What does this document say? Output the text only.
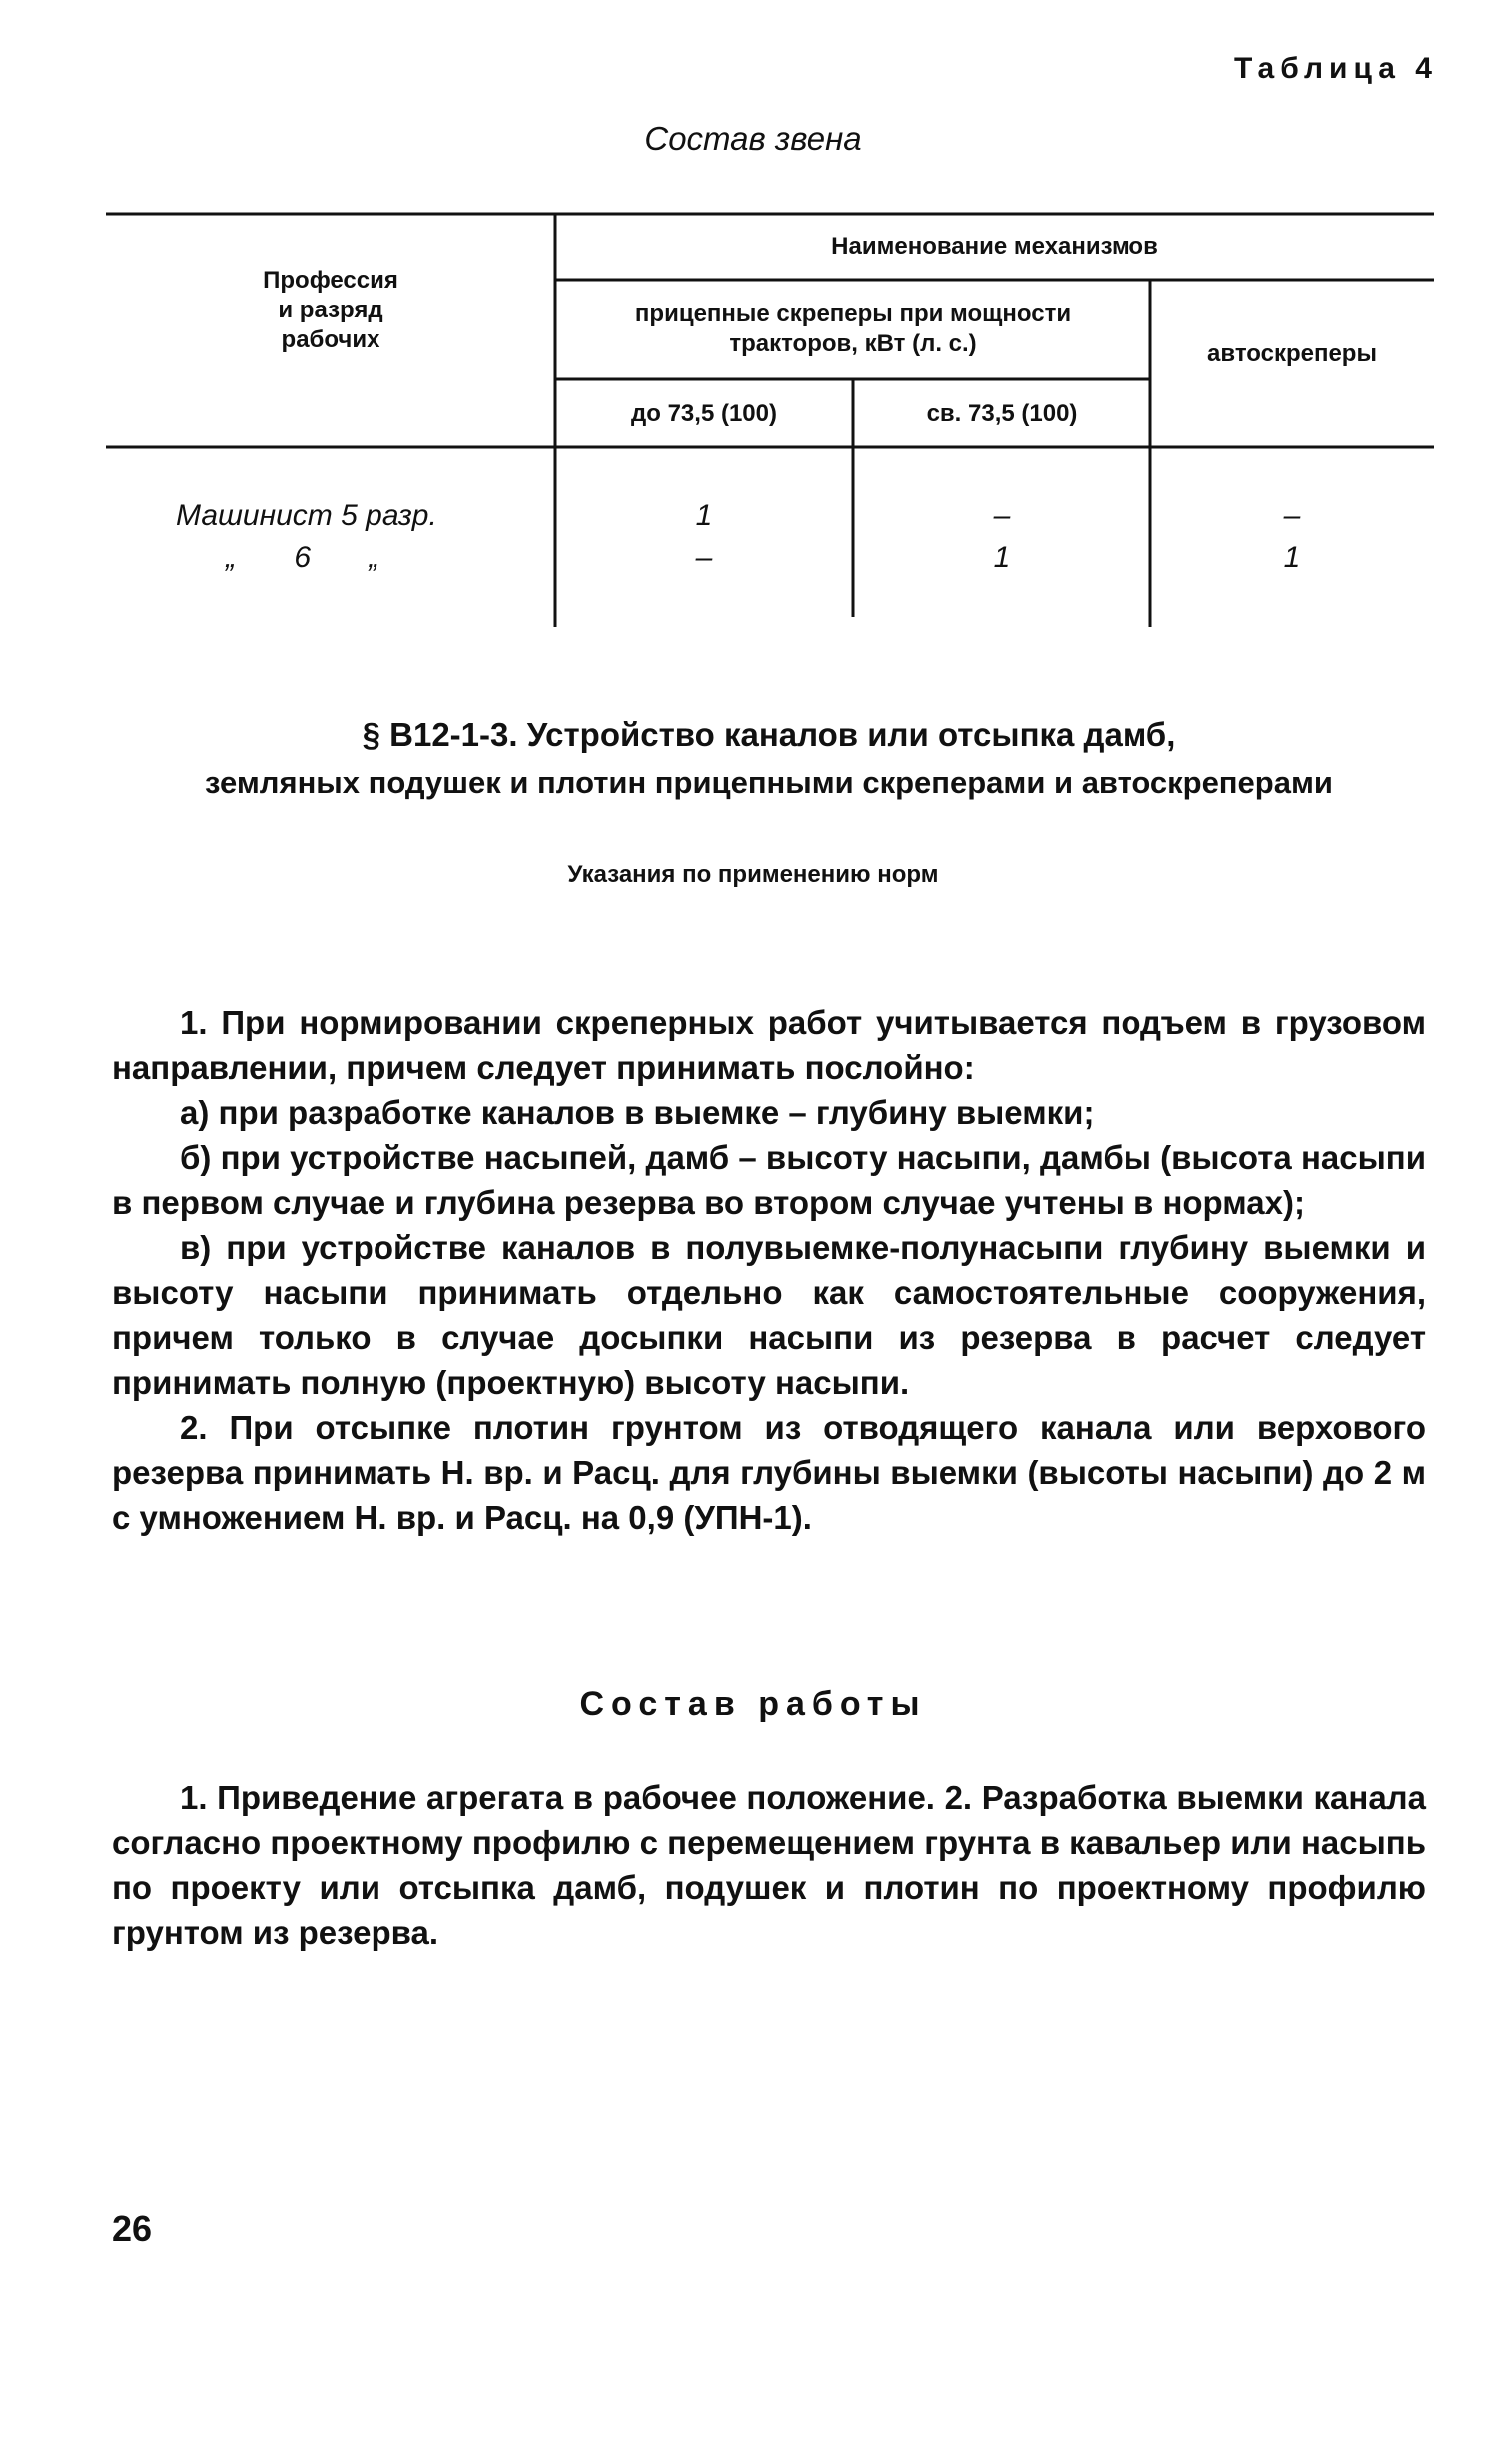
Таблица 4
Состав звена
Профессия
и разряд
рабочих
Наименование механизмов
прицепные скреперы при мощности
тракторов, кВт (л. с.)	автоскреперы
до 73,5 (100)	св. 73,5 (100)
Машинист 5 разр.	1	–	–
„ 6 „	–	1	1
§ В12-1-3. Устройство каналов или отсыпка дамб,
земляных подушек и плотин прицепными скреперами и автоскреперами
Указания по применению норм

1. При нормировании скреперных работ учитывается подъем в грузовом направлении, причем следует принимать послойно:

а) при разработке каналов в выемке – глубину выемки;

б) при устройстве насыпей, дамб – высоту насыпи, дамбы (высота насыпи в первом случае и глубина резерва во втором случае учтены в нормах);

в) при устройстве каналов в полувыемке-полунасыпи глубину выемки и высоту насыпи принимать отдельно как самостоятельные сооружения, причем только в случае досыпки насыпи из резерва в расчет следует принимать полную (проектную) высоту насыпи.

2. При отсыпке плотин грунтом из отводящего канала или верхового резерва принимать Н. вр. и Расц. для глубины выемки (высоты насыпи) до 2 м с умножением Н. вр. и Расц. на 0,9 (УПН-1).

Состав работы

1. Приведение агрегата в рабочее положение. 2. Разработка выемки канала согласно проектному профилю с перемещением грунта в кавальер или насыпь по проекту или отсыпка дамб, подушек и плотин по проектному профилю грунтом из резерва.

26
